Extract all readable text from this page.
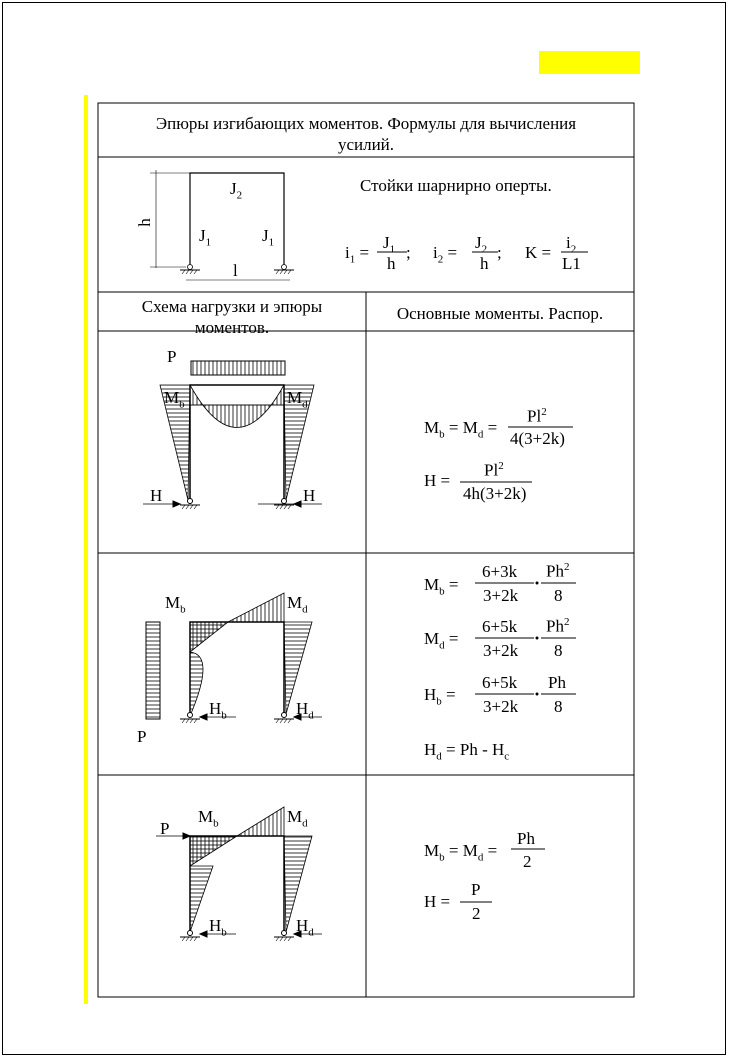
Эпюры изгибающих моментов. Формулы для вычисления
усилий.
$J_2$
$J_1$	$J_1$
h
l
Стойки шарнирно оперты.
$i_1$ =
$J_1$
h
; $i_2$ =
$J_2$
h
; K =
$i_2$
L1
Схема нагрузки и эпюры
моментов.
Основные моменты. Распор.
P
$M_b$	$M_d$
H	H
$M_b = M_d$ =
$Pl^2$
4(3+2k)
H =
$Pl^2$
4h(3+2k)
$M_b$	$M_d$
P
$H_b$	$H_d$
$M_b$ =
6+3k
3+2k
Ph$^2$
8
$M_d$ =
6+5k
3+2k
Ph$^2$
8
$H_b$ =
6+5k
3+2k
Ph
8
$H_d = Ph - H_c$
P
$M_b$	$M_d$
$H_b$	$H_d$
$M_b = M_d$ =
Ph
2
H =
P
2
